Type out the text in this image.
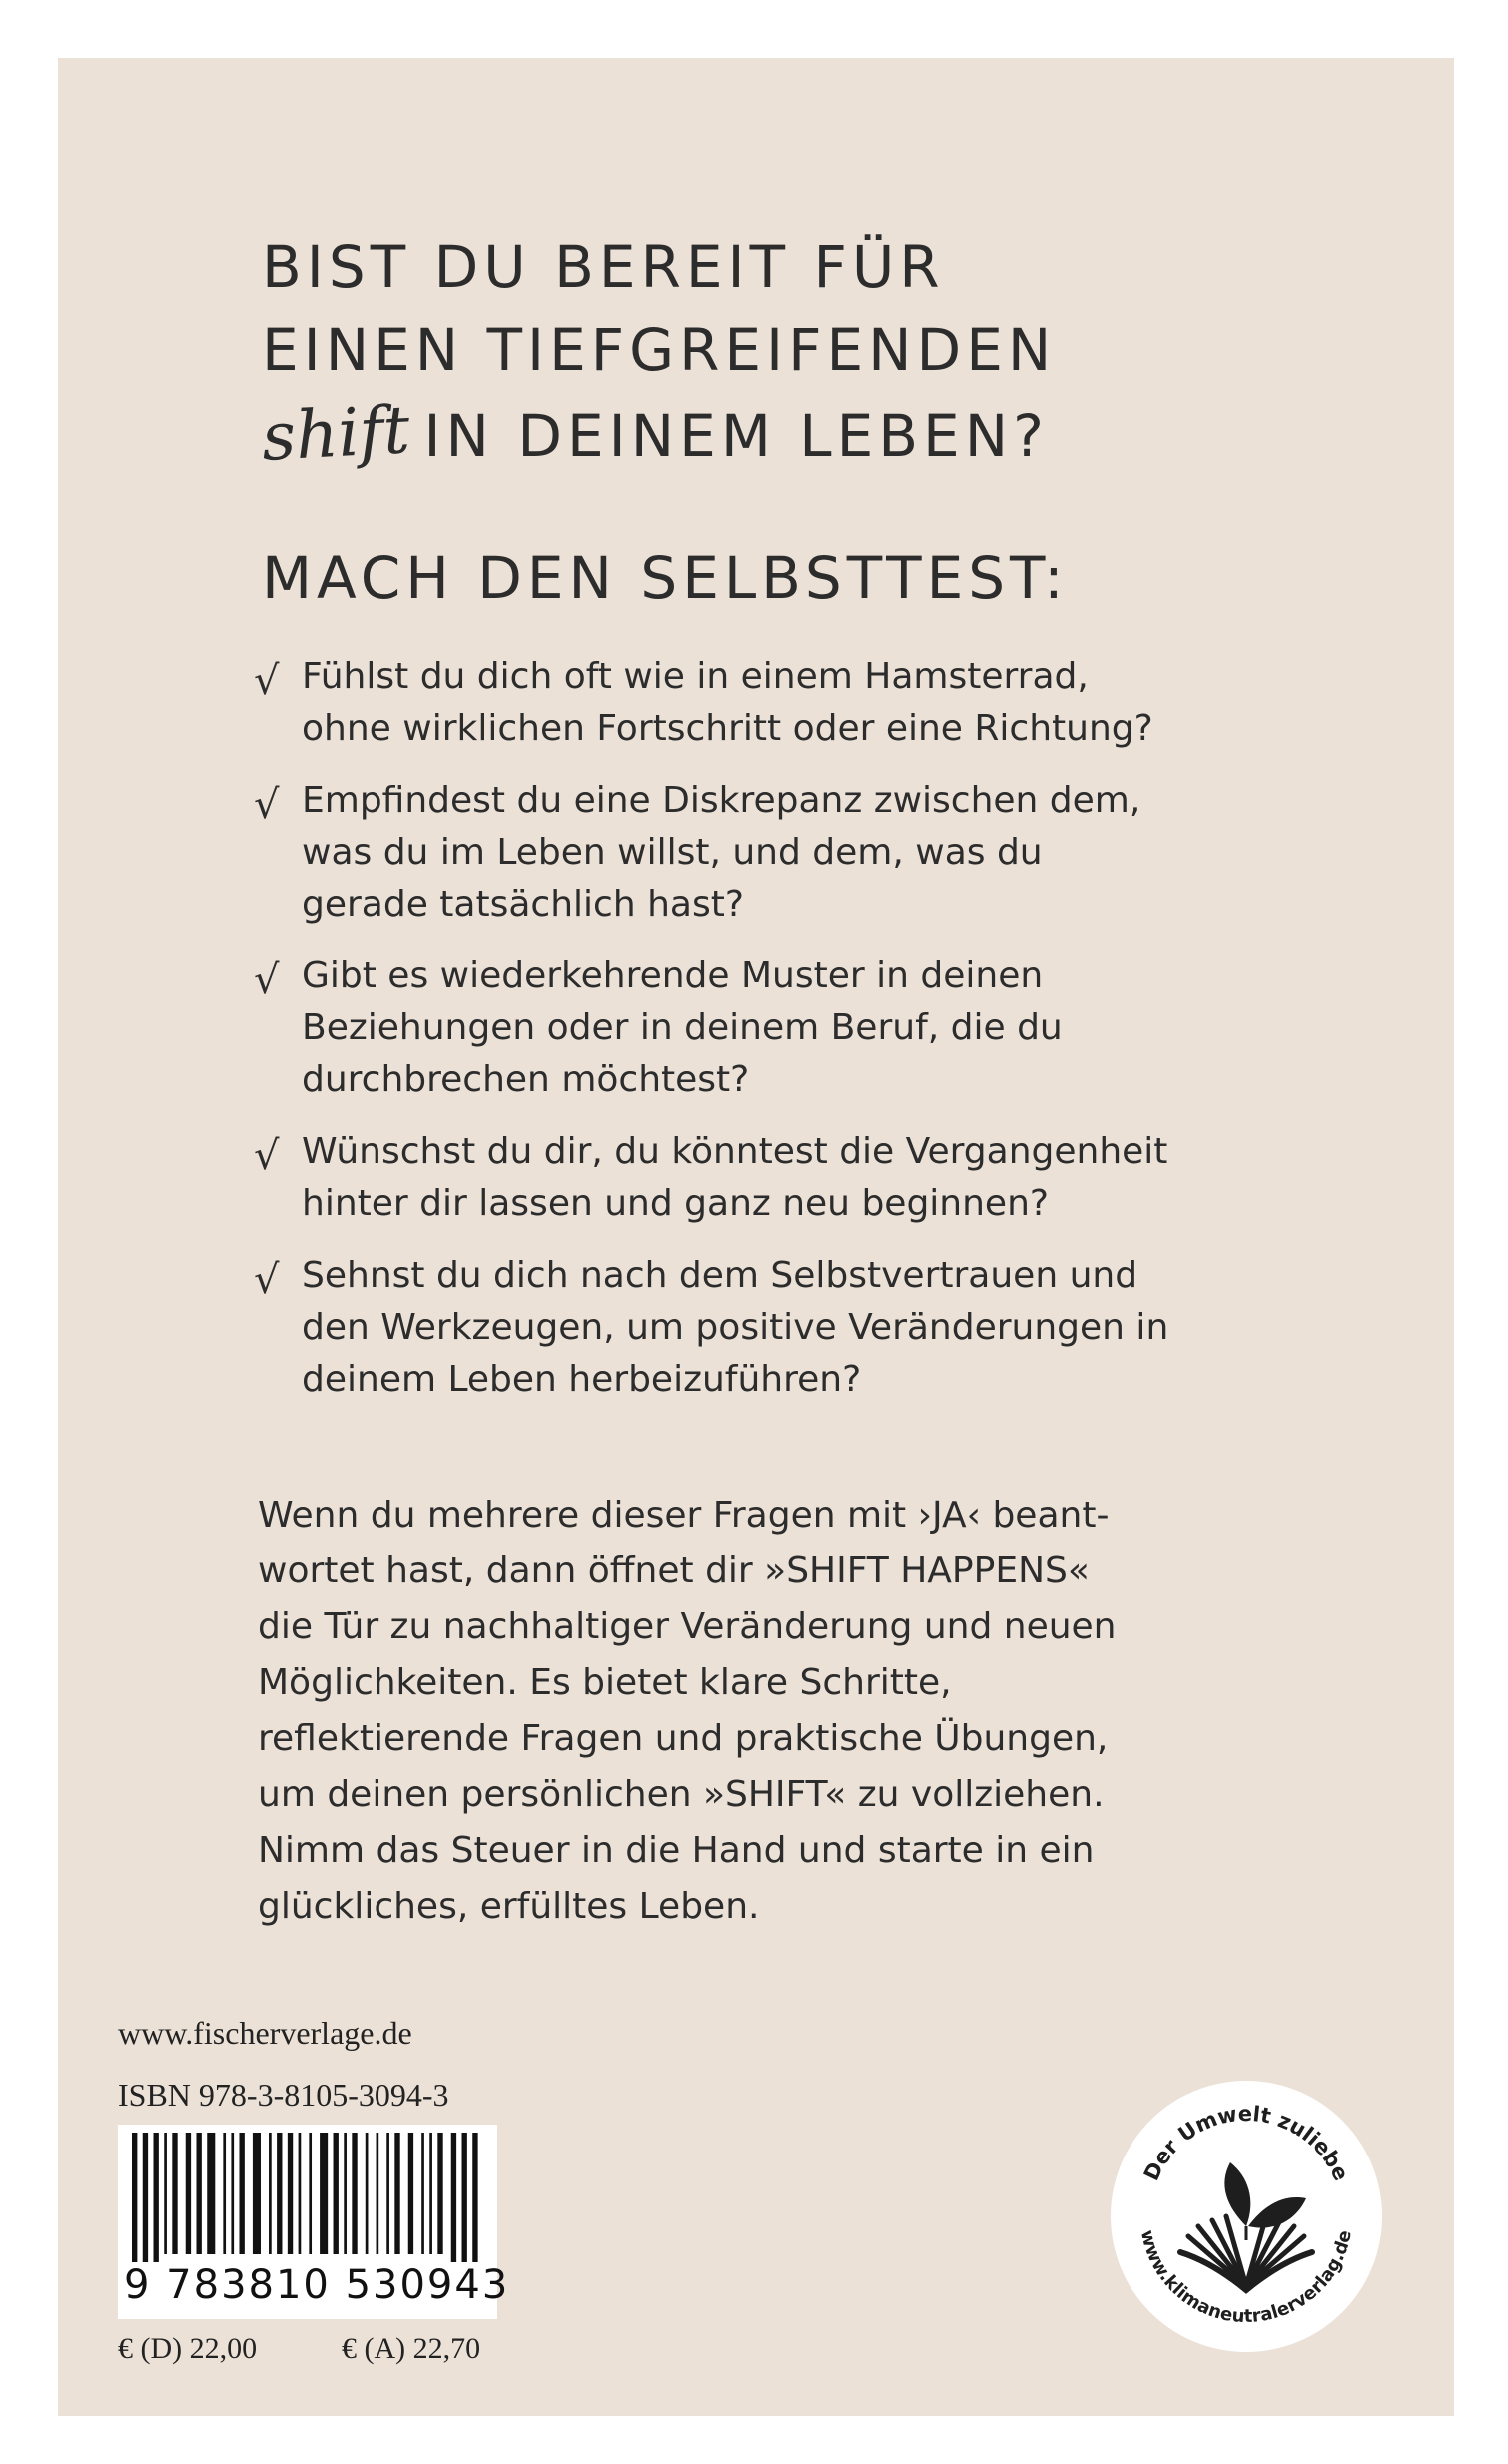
BIST DU BEREIT FÜR
EINEN TIEFGREIFENDEN
shift IN DEINEM LEBEN?
MACH DEN SELBSTTEST:
√ Fühlst du dich oft wie in einem Hamsterrad,
ohne wirklichen Fortschritt oder eine Richtung?
√ Empfindest du eine Diskrepanz zwischen dem,
was du im Leben willst, und dem, was du
gerade tatsächlich hast?
√ Gibt es wiederkehrende Muster in deinen
Beziehungen oder in deinem Beruf, die du
durchbrechen möchtest?
√ Wünschst du dir, du könntest die Vergangenheit
hinter dir lassen und ganz neu beginnen?
√ Sehnst du dich nach dem Selbstvertrauen und
den Werkzeugen, um positive Veränderungen in
deinem Leben herbeizuführen?

Wenn du mehrere dieser Fragen mit ›JA‹ beant-
wortet hast, dann öffnet dir »SHIFT HAPPENS«
die Tür zu nachhaltiger Veränderung und neuen
Möglichkeiten. Es bietet klare Schritte,
reflektierende Fragen und praktische Übungen,
um deinen persönlichen »SHIFT« zu vollziehen.
Nimm das Steuer in die Hand und starte in ein
glückliches, erfülltes Leben.

www.fischerverlage.de
ISBN 978-3-8105-3094-3
9 783810 530943
€ (D) 22,00	€ (A) 22,70
Der Umwelt zuliebe
www.klimaneutralerverlag.de
